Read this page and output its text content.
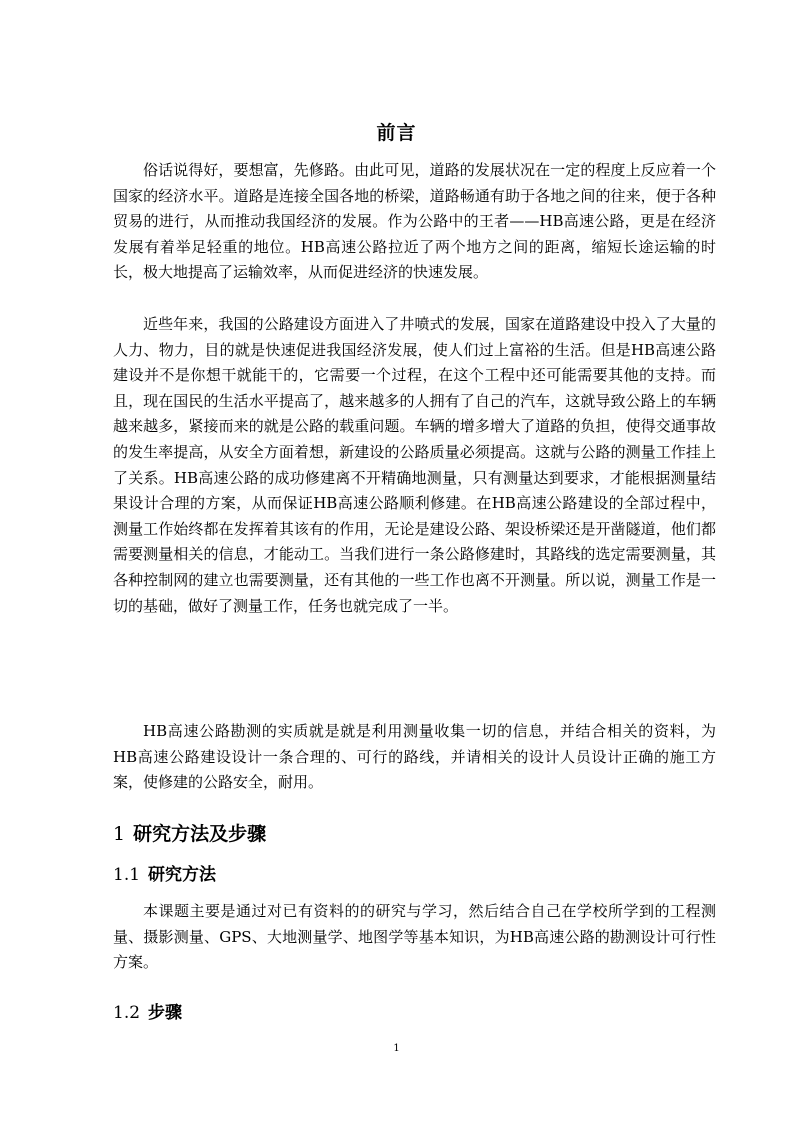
前言

俗话说得好，要想富，先修路。由此可见，道路的发展状况在一定的程度上反应着一个国家的经济水平。道路是连接全国各地的桥梁，道路畅通有助于各地之间的往来，便于各种贸易的进行，从而推动我国经济的发展。作为公路中的王者——HB高速公路，更是在经济发展有着举足轻重的地位。HB高速公路拉近了两个地方之间的距离，缩短长途运输的时长，极大地提高了运输效率，从而促进经济的快速发展。

近些年来，我国的公路建设方面进入了井喷式的发展，国家在道路建设中投入了大量的人力、物力，目的就是快速促进我国经济发展，使人们过上富裕的生活。但是HB高速公路建设并不是你想干就能干的，它需要一个过程，在这个工程中还可能需要其他的支持。而且，现在国民的生活水平提高了，越来越多的人拥有了自己的汽车，这就导致公路上的车辆越来越多，紧接而来的就是公路的载重问题。车辆的增多增大了道路的负担，使得交通事故的发生率提高，从安全方面着想，新建设的公路质量必须提高。这就与公路的测量工作挂上了关系。HB高速公路的成功修建离不开精确地测量，只有测量达到要求，才能根据测量结果设计合理的方案，从而保证HB高速公路顺利修建。在HB高速公路建设的全部过程中，测量工作始终都在发挥着其该有的作用，无论是建设公路、架设桥梁还是开凿隧道，他们都需要测量相关的信息，才能动工。当我们进行一条公路修建时，其路线的选定需要测量，其各种控制网的建立也需要测量，还有其他的一些工作也离不开测量。所以说，测量工作是一切的基础，做好了测量工作，任务也就完成了一半。

HB高速公路勘测的实质就是就是利用测量收集一切的信息，并结合相关的资料，为HB高速公路建设设计一条合理的、可行的路线，并请相关的设计人员设计正确的施工方案，使修建的公路安全，耐用。

1 研究方法及步骤
1.1 研究方法

本课题主要是通过对已有资料的的研究与学习，然后结合自己在学校所学到的工程测量、摄影测量、GPS、大地测量学、地图学等基本知识，为HB高速公路的勘测设计可行性方案。

1.2 步骤
1
